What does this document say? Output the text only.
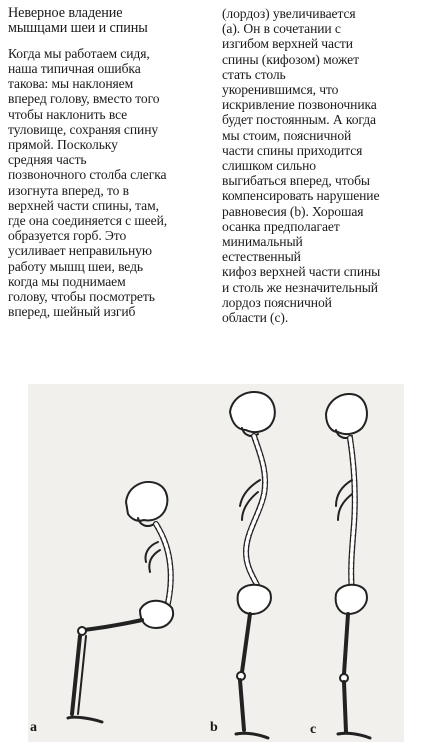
Неверное владение
мышцами шеи и спины
Когда мы работаем сидя,
наша типичная ошибка
такова: мы наклоняем
вперед голову, вместо того
чтобы наклонить все
туловище, сохраняя спину
прямой. Поскольку
средняя часть
позвоночного столба слегка
изогнута вперед, то в
верхней части спины, там,
где она соединяется с шеей,
образуется горб. Это
усиливает неправильную
работу мышц шеи, ведь
когда мы поднимаем
голову, чтобы посмотреть
вперед, шейный изгиб
(лордоз) увеличивается
(а). Он в сочетании с
изгибом верхней части
спины (кифозом) может
стать столь
укоренившимся, что
искривление позвоночника
будет постоянным. А когда
мы стоим, поясничной
части спины приходится
слишком сильно
выгибаться вперед, чтобы
компенсировать нарушение
равновесия (b). Хорошая
осанка предполагает
минимальный
естественный
кифоз верхней части спины
и столь же незначительный
лордоз поясничной
области (с).
a	b	c
